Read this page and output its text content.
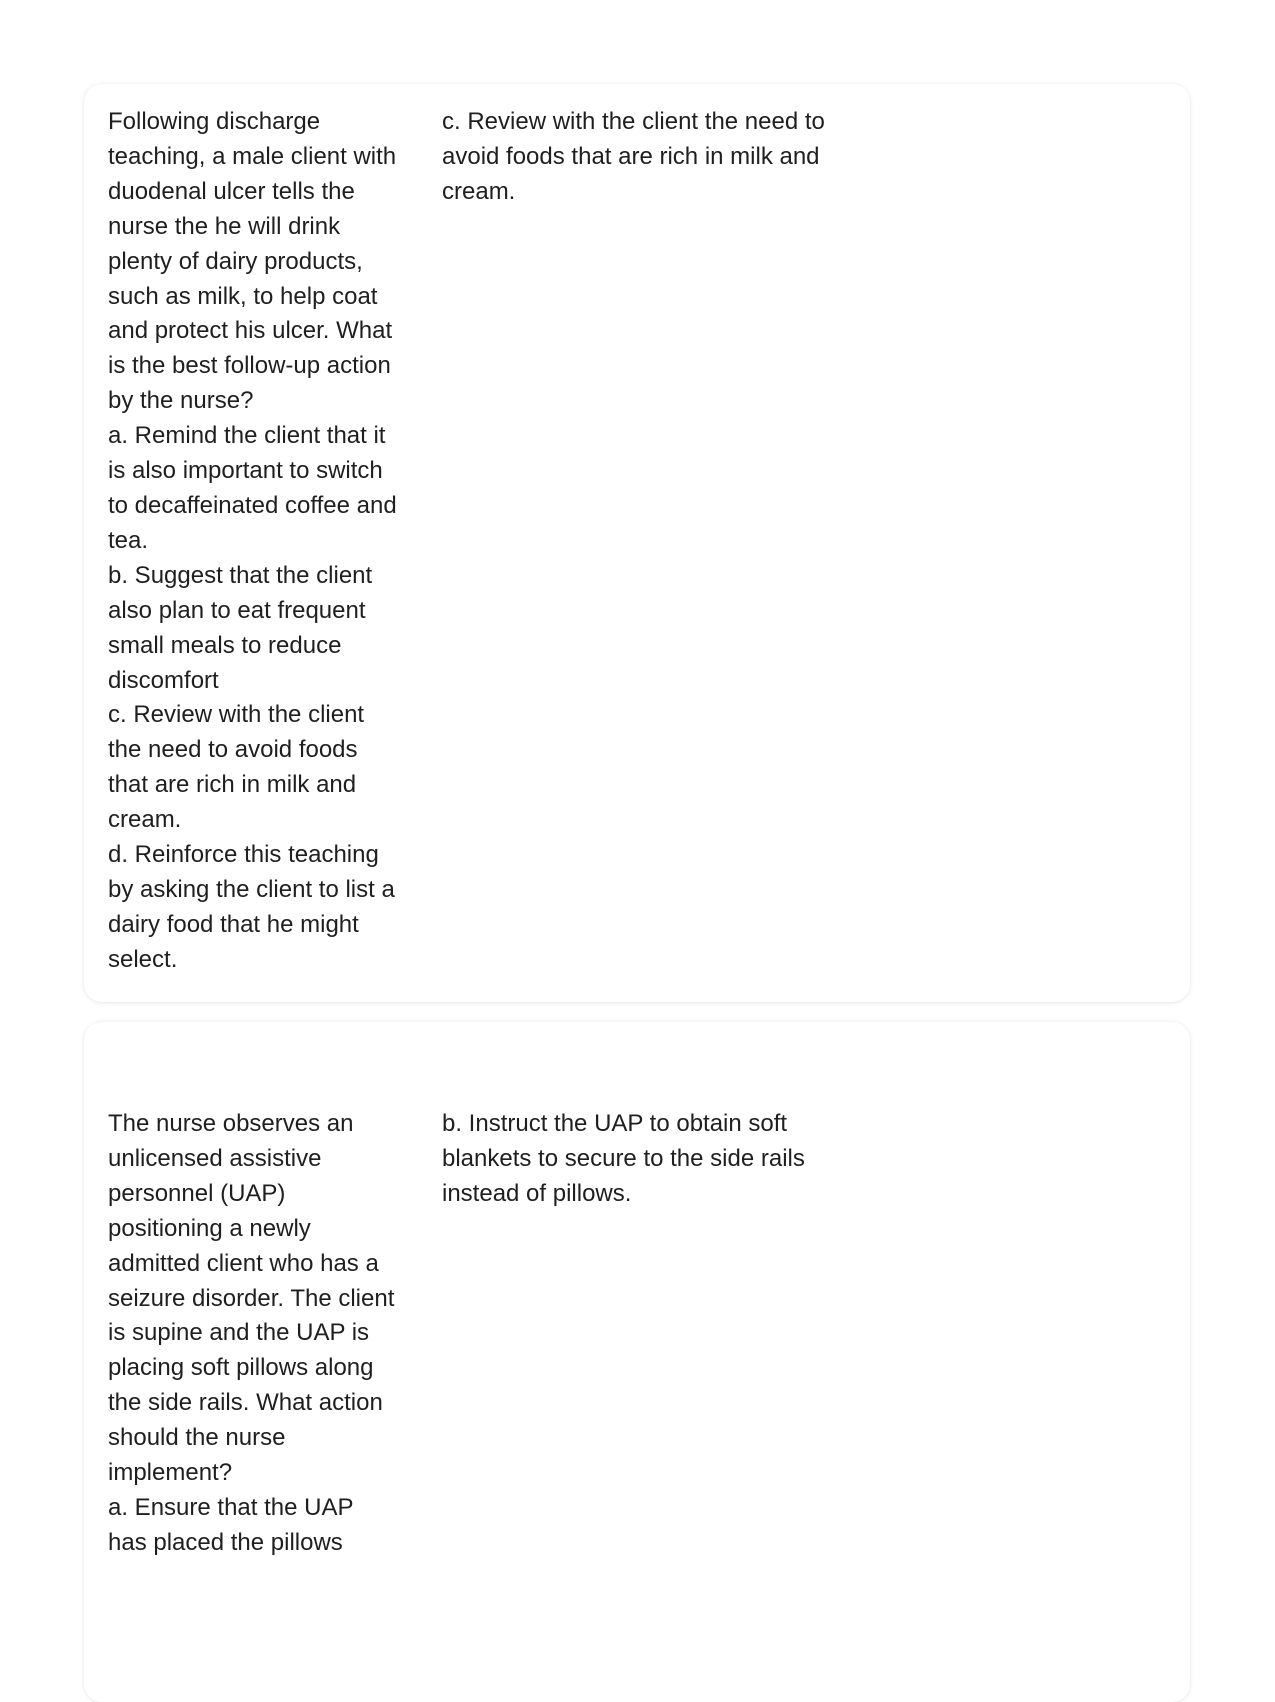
Following discharge teaching, a male client with duodenal ulcer tells the nurse the he will drink plenty of dairy products, such as milk, to help coat and protect his ulcer. What is the best follow-up action by the nurse?
a. Remind the client that it is also important to switch to decaffeinated coffee and tea.
b. Suggest that the client also plan to eat frequent small meals to reduce discomfort
c. Review with the client the need to avoid foods that are rich in milk and cream.
d. Reinforce this teaching by asking the client to list a dairy food that he might select.
c. Review with the client the need to avoid foods that are rich in milk and cream.
The nurse observes an unlicensed assistive personnel (UAP) positioning a newly admitted client who has a seizure disorder. The client is supine and the UAP is placing soft pillows along the side rails. What action should the nurse implement?
a. Ensure that the UAP has placed the pillows
b. Instruct the UAP to obtain soft blankets to secure to the side rails instead of pillows.
